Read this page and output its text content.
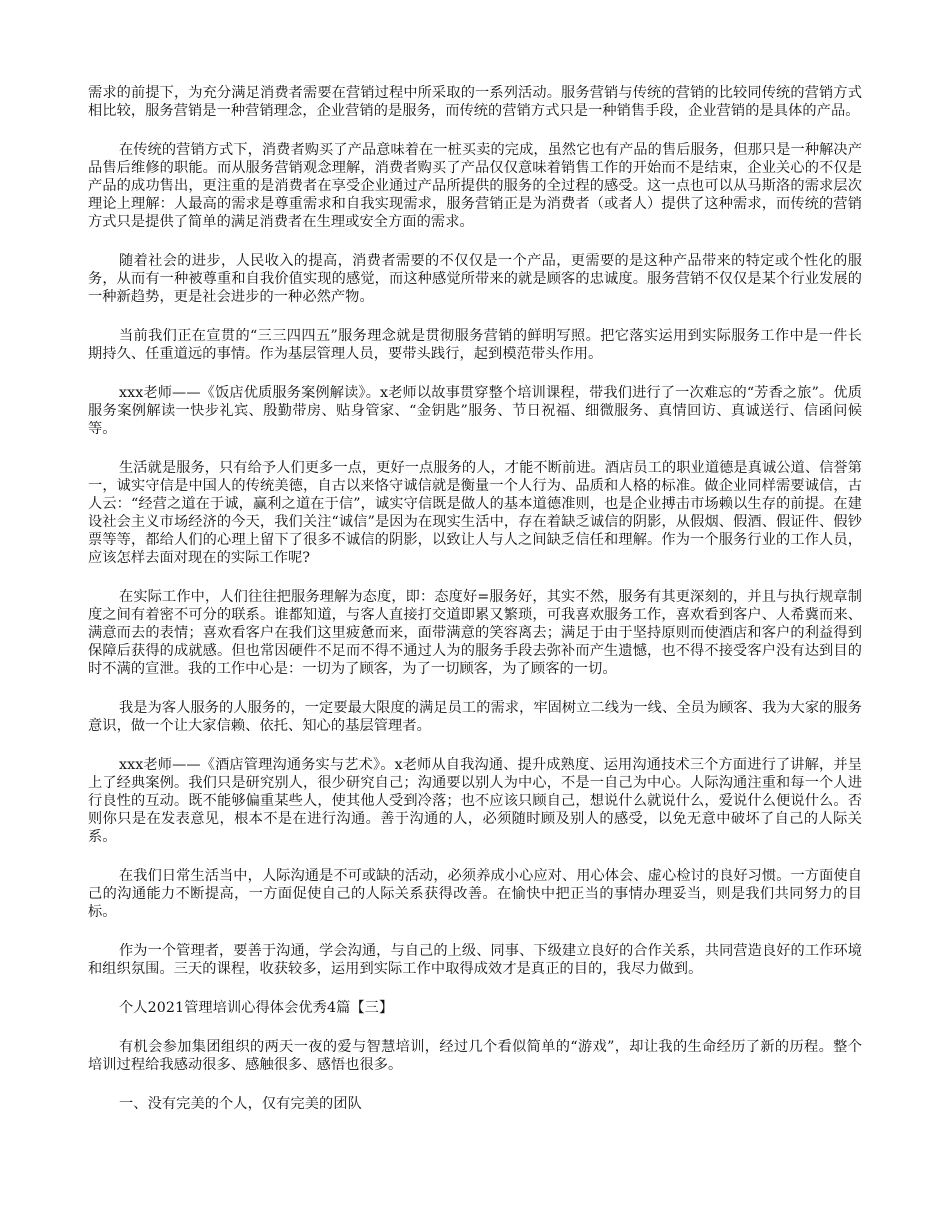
需求的前提下，为充分满足消费者需要在营销过程中所采取的一系列活动。服务营销与传统的营销的比较同传统的营销方式相比较，服务营销是一种营销理念，企业营销的是服务，而传统的营销方式只是一种销售手段，企业营销的是具体的产品。

在传统的营销方式下，消费者购买了产品意味着在一桩买卖的完成，虽然它也有产品的售后服务，但那只是一种解决产品售后维修的职能。而从服务营销观念理解，消费者购买了产品仅仅意味着销售工作的开始而不是结束，企业关心的不仅是产品的成功售出，更注重的是消费者在享受企业通过产品所提供的服务的全过程的感受。这一点也可以从马斯洛的需求层次理论上理解：人最高的需求是尊重需求和自我实现需求，服务营销正是为消费者（或者人）提供了这种需求，而传统的营销方式只是提供了简单的满足消费者在生理或安全方面的需求。

随着社会的进步，人民收入的提高，消费者需要的不仅仅是一个产品，更需要的是这种产品带来的特定或个性化的服务，从而有一种被尊重和自我价值实现的感觉，而这种感觉所带来的就是顾客的忠诚度。服务营销不仅仅是某个行业发展的一种新趋势，更是社会进步的一种必然产物。

当前我们正在宣贯的“三三四四五”服务理念就是贯彻服务营销的鲜明写照。把它落实运用到实际服务工作中是一件长期持久、任重道远的事情。作为基层管理人员，要带头践行，起到模范带头作用。

xxx老师——《饭店优质服务案例解读》。x老师以故事贯穿整个培训课程，带我们进行了一次难忘的“芳香之旅”。优质服务案例解读一快步礼宾、殷勤带房、贴身管家、“金钥匙”服务、节日祝福、细微服务、真情回访、真诚送行、信函问候等。

生活就是服务，只有给予人们更多一点，更好一点服务的人，才能不断前进。酒店员工的职业道德是真诚公道、信誉第一，诚实守信是中国人的传统美德，自古以来恪守诚信就是衡量一个人行为、品质和人格的标准。做企业同样需要诚信，古人云：“经营之道在于诚，赢利之道在于信”，诚实守信既是做人的基本道德准则，也是企业搏击市场赖以生存的前提。在建设社会主义市场经济的今天，我们关注“诚信”是因为在现实生活中，存在着缺乏诚信的阴影，从假烟、假酒、假证件、假钞票等等，都给人们的心理上留下了很多不诚信的阴影，以致让人与人之间缺乏信任和理解。作为一个服务行业的工作人员，应该怎样去面对现在的实际工作呢?

在实际工作中，人们往往把服务理解为态度，即：态度好=服务好，其实不然，服务有其更深刻的，并且与执行规章制度之间有着密不可分的联系。谁都知道，与客人直接打交道即累又繁琐，可我喜欢服务工作，喜欢看到客户、人希冀而来、满意而去的表情；喜欢看客户在我们这里疲惫而来，面带满意的笑容离去；满足于由于坚持原则而使酒店和客户的利益得到保障后获得的成就感。但也常因硬件不足而不得不通过人为的服务手段去弥补而产生遗憾，也不得不接受客户没有达到目的时不满的宣泄。我的工作中心是：一切为了顾客，为了一切顾客，为了顾客的一切。

我是为客人服务的人服务的，一定要最大限度的满足员工的需求，牢固树立二线为一线、全员为顾客、我为大家的服务意识，做一个让大家信赖、依托、知心的基层管理者。

xxx老师——《酒店管理沟通务实与艺术》。x老师从自我沟通、提升成熟度、运用沟通技术三个方面进行了讲解，并呈上了经典案例。我们只是研究别人，很少研究自己；沟通要以别人为中心，不是一自己为中心。人际沟通注重和每一个人进行良性的互动。既不能够偏重某些人，使其他人受到冷落；也不应该只顾自己，想说什么就说什么，爱说什么便说什么。否则你只是在发表意见，根本不是在进行沟通。善于沟通的人，必须随时顾及别人的感受，以免无意中破坏了自己的人际关系。

在我们日常生活当中，人际沟通是不可或缺的活动，必须养成小心应对、用心体会、虚心检讨的良好习惯。一方面使自己的沟通能力不断提高，一方面促使自己的人际关系获得改善。在愉快中把正当的事情办理妥当，则是我们共同努力的目标。

作为一个管理者，要善于沟通，学会沟通，与自己的上级、同事、下级建立良好的合作关系，共同营造良好的工作环境和组织氛围。三天的课程，收获较多，运用到实际工作中取得成效才是真正的目的，我尽力做到。

个人2021管理培训心得体会优秀4篇【三】

有机会参加集团组织的两天一夜的爱与智慧培训，经过几个看似简单的“游戏”，却让我的生命经历了新的历程。整个培训过程给我感动很多、感触很多、感悟也很多。

一、没有完美的个人，仅有完美的团队
